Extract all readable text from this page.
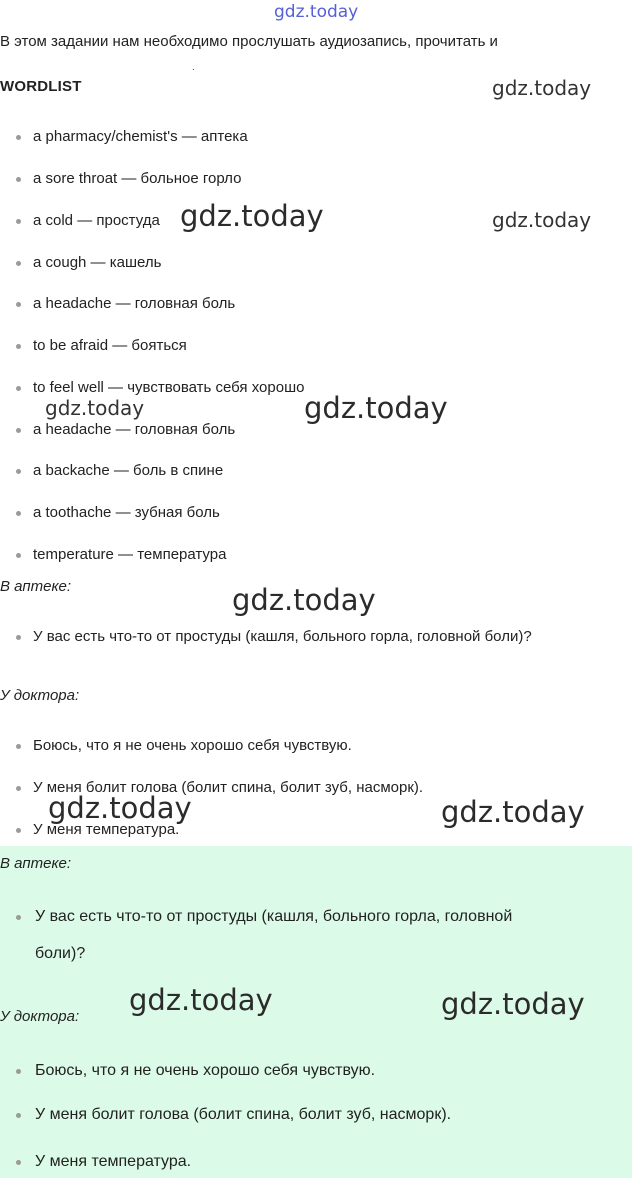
gdz.today
В этом задании нам необходимо прослушать аудиозапись, прочитать и
.
WORDLIST
a pharmacy/chemist's — аптека
a sore throat — больное горло
a cold — простуда
a cough — кашель
a headache — головная боль
to be afraid — бояться
to feel well — чувствовать себя хорошо
a headache — головная боль
a backache — боль в спине
a toothache — зубная боль
temperature — температура
В аптеке:
У вас есть что-то от простуды (кашля, больного горла, головной боли)?
У доктора:
Боюсь, что я не очень хорошо себя чувствую.
У меня болит голова (болит спина, болит зуб, насморк).
У меня температура.
В аптеке:
У вас есть что-то от простуды (кашля, больного горла, головной
боли)?
У доктора:
Боюсь, что я не очень хорошо себя чувствую.
У меня болит голова (болит спина, болит зуб, насморк).
У меня температура.
gdz.today
gdz.today	gdz.today
gdz.today	gdz.today
gdz.today
gdz.today	gdz.today
gdz.today	gdz.today
